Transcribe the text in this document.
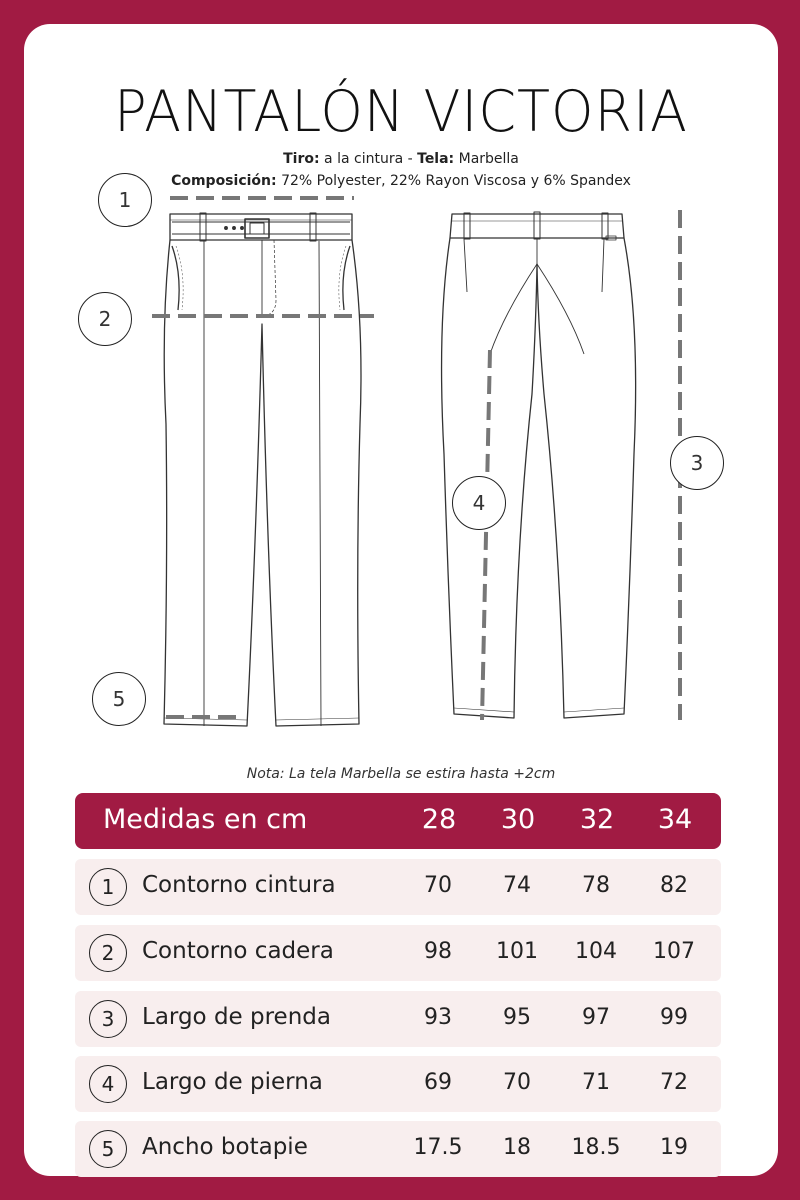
PANTALÓN VICTORIA
Tiro: a la cintura - Tela: Marbella
Composición: 72% Polyester, 22% Rayon Viscosa y 6% Spandex
1
2
3
4
5
Nota: La tela Marbella se estira hasta +2cm
Medidas en cm	28	30	32	34
1	Contorno cintura	70	74	78	82
2	Contorno cadera	98	101	104	107
3	Largo de prenda	93	95	97	99
4	Largo de pierna	69	70	71	72
5	Ancho botapie	17.5	18	18.5	19
